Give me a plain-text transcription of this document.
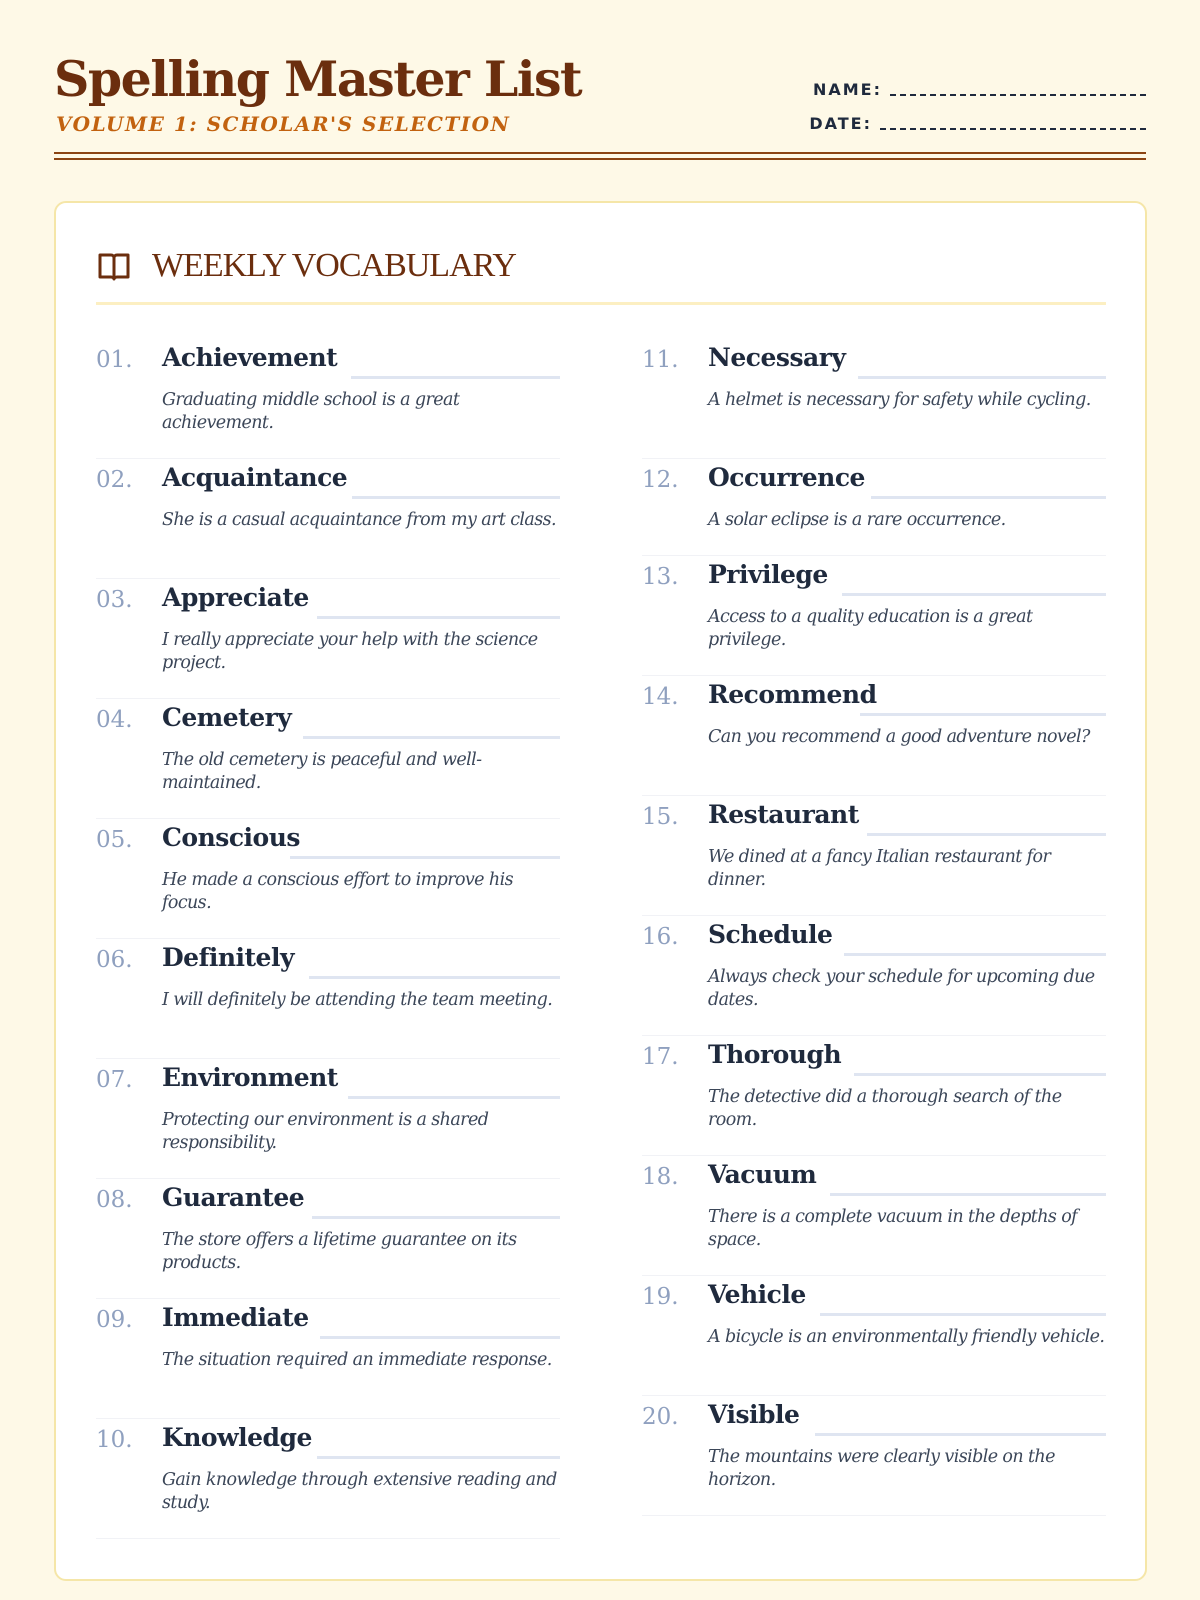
Spelling Master List
VOLUME 1: SCHOLAR'S SELECTION
NAME:
DATE:
WEEKLY VOCABULARY
01. Achievement
Graduating middle school is a great achievement.
02. Acquaintance
She is a casual acquaintance from my art class.
03. Appreciate
I really appreciate your help with the science project.
04. Cemetery
The old cemetery is peaceful and well-maintained.
05. Conscious
He made a conscious effort to improve his focus.
06. Definitely
I will definitely be attending the team meeting.
07. Environment
Protecting our environment is a shared responsibility.
08. Guarantee
The store offers a lifetime guarantee on its products.
09. Immediate
The situation required an immediate response.
10. Knowledge
Gain knowledge through extensive reading and study.
11. Necessary
A helmet is necessary for safety while cycling.
12. Occurrence
A solar eclipse is a rare occurrence.
13. Privilege
Access to a quality education is a great privilege.
14. Recommend
Can you recommend a good adventure novel?
15. Restaurant
We dined at a fancy Italian restaurant for dinner.
16. Schedule
Always check your schedule for upcoming due dates.
17. Thorough
The detective did a thorough search of the room.
18. Vacuum
There is a complete vacuum in the depths of space.
19. Vehicle
A bicycle is an environmentally friendly vehicle.
20. Visible
The mountains were clearly visible on the horizon.
